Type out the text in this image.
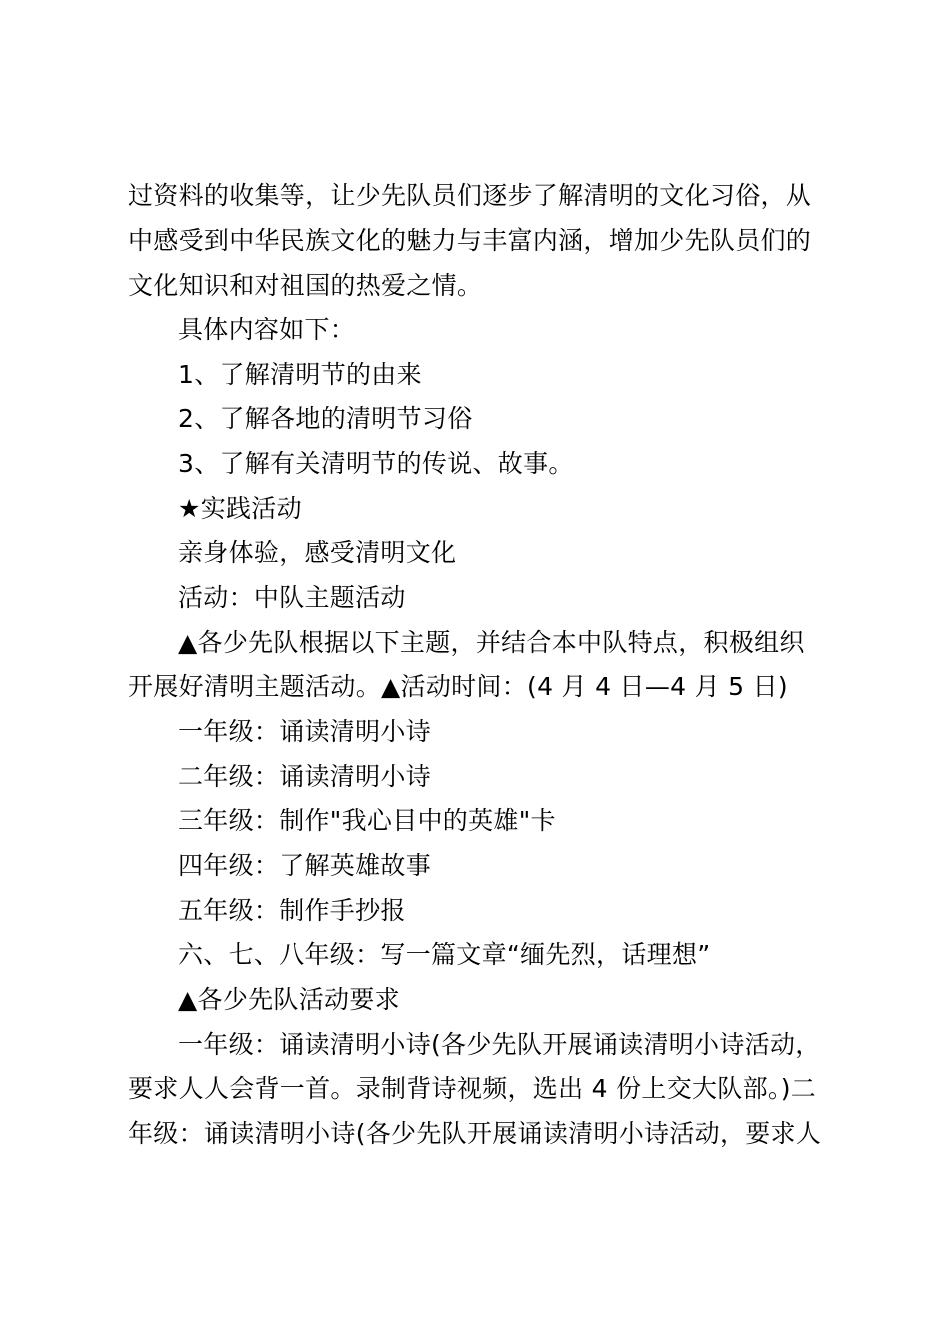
过资料的收集等，让少先队员们逐步了解清明的文化习俗，从
中感受到中华民族文化的魅力与丰富内涵，增加少先队员们的
文化知识和对祖国的热爱之情。
具体内容如下：
1、了解清明节的由来
2、了解各地的清明节习俗
3、了解有关清明节的传说、故事。
★实践活动
亲身体验，感受清明文化
活动：中队主题活动
▲各少先队根据以下主题，并结合本中队特点，积极组织
开展好清明主题活动。▲活动时间：(4 月 4 日—4 月 5 日)
一年级：诵读清明小诗
二年级：诵读清明小诗
三年级：制作"我心目中的英雄"卡
四年级：了解英雄故事
五年级：制作手抄报
六、七、八年级：写一篇文章“缅先烈，话理想”
▲各少先队活动要求
一年级：诵读清明小诗(各少先队开展诵读清明小诗活动，
要求人人会背一首。录制背诗视频，选出 4 份上交大队部。)二
年级：诵读清明小诗(各少先队开展诵读清明小诗活动，要求人
